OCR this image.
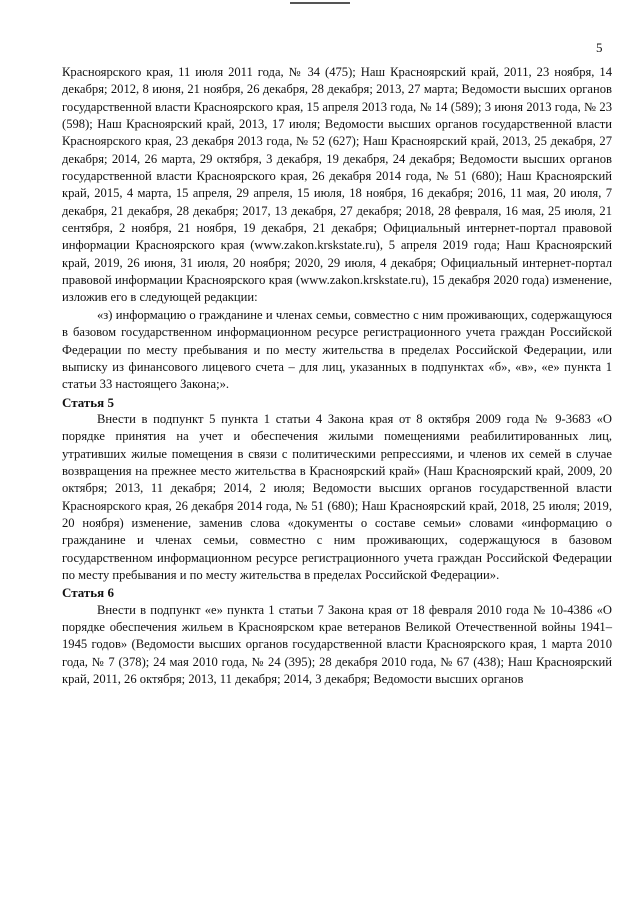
5

Красноярского края, 11 июля 2011 года, № 34 (475); Наш Красноярский край, 2011, 23 ноября, 14 декабря; 2012, 8 июня, 21 ноября, 26 декабря, 28 декабря; 2013, 27 марта; Ведомости высших органов государственной власти Красноярского края, 15 апреля 2013 года, № 14 (589); 3 июня 2013 года, № 23 (598); Наш Красноярский край, 2013, 17 июля; Ведомости высших органов государственной власти Красноярского края, 23 декабря 2013 года, № 52 (627); Наш Красноярский край, 2013, 25 декабря, 27 декабря; 2014, 26 марта, 29 октября, 3 декабря, 19 декабря, 24 декабря; Ведомости высших органов государственной власти Красноярского края, 26 декабря 2014 года, № 51 (680); Наш Красноярский край, 2015, 4 марта, 15 апреля, 29 апреля, 15 июля, 18 ноября, 16 декабря; 2016, 11 мая, 20 июля, 7 декабря, 21 декабря, 28 декабря; 2017, 13 декабря, 27 декабря; 2018, 28 февраля, 16 мая, 25 июля, 21 сентября, 2 ноября, 21 ноября, 19 декабря, 21 декабря; Официальный интернет-портал правовой информации Красноярского края (www.zakon.krskstate.ru), 5 апреля 2019 года; Наш Красноярский край, 2019, 26 июня, 31 июля, 20 ноября; 2020, 29 июля, 4 декабря; Официальный интернет-портал правовой информации Красноярского края (www.zakon.krskstate.ru), 15 декабря 2020 года) изменение, изложив его в следующей редакции:

«з) информацию о гражданине и членах семьи, совместно с ним проживающих, содержащуюся в базовом государственном информационном ресурсе регистрационного учета граждан Российской Федерации по месту пребывания и по месту жительства в пределах Российской Федерации, или выписку из финансового лицевого счета – для лиц, указанных в подпунктах «б», «в», «е» пункта 1 статьи 33 настоящего Закона;».

Статья 5

Внести в подпункт 5 пункта 1 статьи 4 Закона края от 8 октября 2009 года № 9-3683 «О порядке принятия на учет и обеспечения жилыми помещениями реабилитированных лиц, утративших жилые помещения в связи с политическими репрессиями, и членов их семей в случае возвращения на прежнее место жительства в Красноярский край» (Наш Красноярский край, 2009, 20 октября; 2013, 11 декабря; 2014, 2 июля; Ведомости высших органов государственной власти Красноярского края, 26 декабря 2014 года, № 51 (680); Наш Красноярский край, 2018, 25 июля; 2019, 20 ноября) изменение, заменив слова «документы о составе семьи» словами «информацию о гражданине и членах семьи, совместно с ним проживающих, содержащуюся в базовом государственном информационном ресурсе регистрационного учета граждан Российской Федерации по месту пребывания и по месту жительства в пределах Российской Федерации».

Статья 6

Внести в подпункт «е» пункта 1 статьи 7 Закона края от 18 февраля 2010 года № 10-4386 «О порядке обеспечения жильем в Красноярском крае ветеранов Великой Отечественной войны 1941–1945 годов» (Ведомости высших органов государственной власти Красноярского края, 1 марта 2010 года, № 7 (378); 24 мая 2010 года, № 24 (395); 28 декабря 2010 года, № 67 (438); Наш Красноярский край, 2011, 26 октября; 2013, 11 декабря; 2014, 3 декабря; Ведомости высших органов
